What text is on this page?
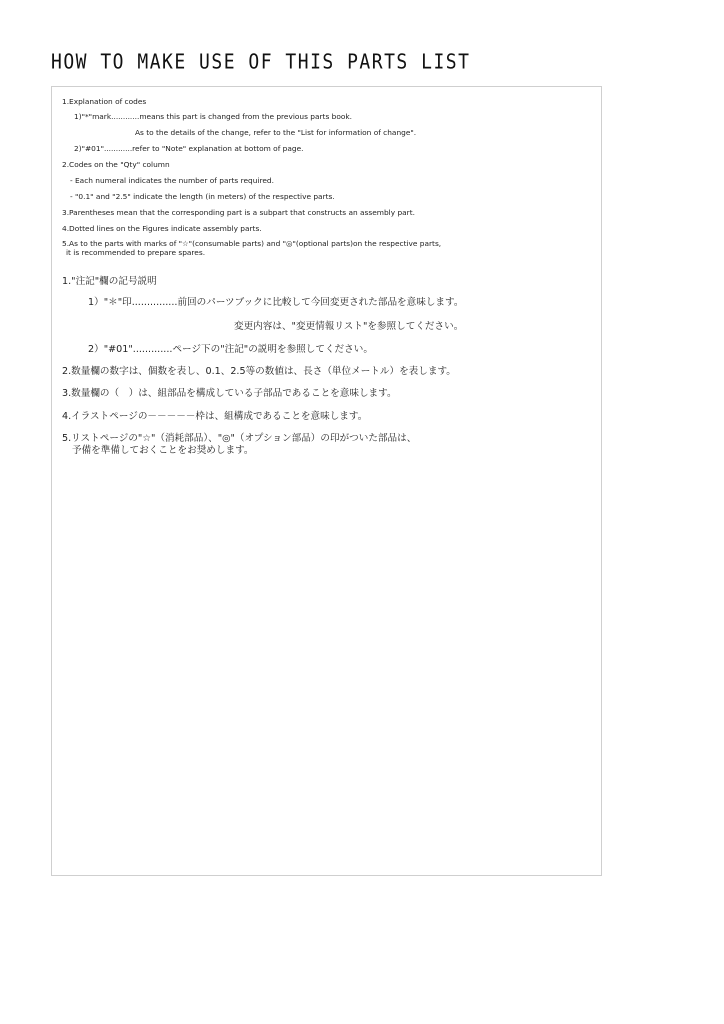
HOW TO MAKE USE OF THIS PARTS LIST
1.Explanation of codes
1)"*"mark............means this part is changed from the previous parts book.
As to the details of the change, refer to the "List for information of change".
2)"#01"............refer to "Note" explanation at bottom of page.
2.Codes on the "Qty" column
- Each numeral indicates the number of parts required.
- "0.1" and "2.5" indicate the length (in meters) of the respective parts.
3.Parentheses mean that the corresponding part is a subpart that constructs an assembly part.
4.Dotted lines on the Figures indicate assembly parts.
5.As to the parts with marks of "☆"(consumable parts) and "◎"(optional parts)on the respective parts,
it is recommended to prepare spares.
1."注記"欄の記号説明
1）"＊"印...............前回のパーツブックに比較して今回変更された部品を意味します。
変更内容は、"変更情報リスト"を参照してください。
2）"#01".............ページ下の"注記"の説明を参照してください。
2.数量欄の数字は、個数を表し、0.1、2.5等の数値は、長さ（単位メートル）を表します。
3.数量欄の（　）は、組部品を構成している子部品であることを意味します。
4.イラストページの－－－－－枠は、組構成であることを意味します。
5.リストページの"☆"（消耗部品）、"◎"（オプション部品）の印がついた部品は、
予備を準備しておくことをお奨めします。
